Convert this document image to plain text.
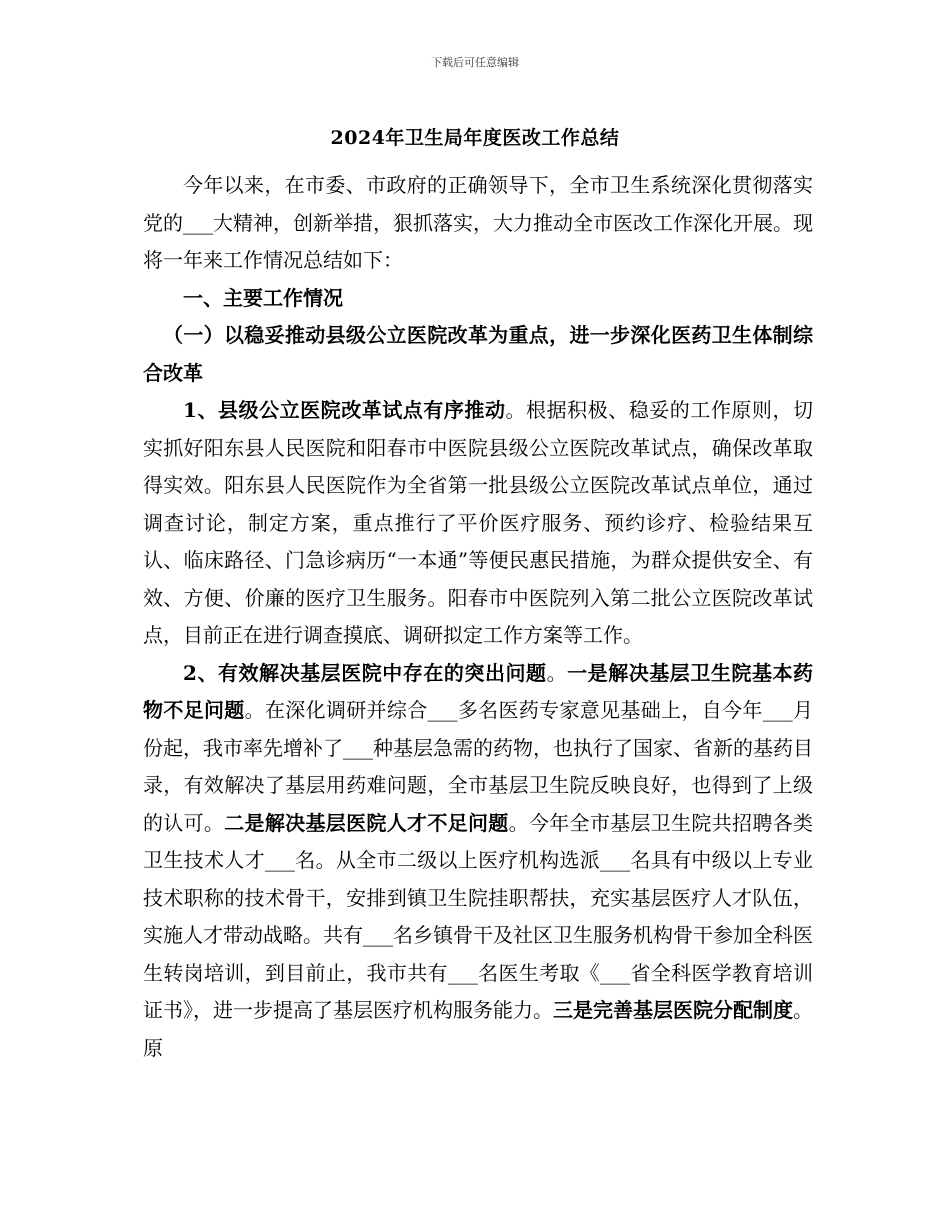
下载后可任意编辑
2024年卫生局年度医改工作总结

今年以来，在市委、市政府的正确领导下，全市卫生系统深化贯彻落实党的___大精神，创新举措，狠抓落实，大力推动全市医改工作深化开展。现将一年来工作情况总结如下：

一、主要工作情况

（一）以稳妥推动县级公立医院改革为重点，进一步深化医药卫生体制综合改革

1、县级公立医院改革试点有序推动。根据积极、稳妥的工作原则，切实抓好阳东县人民医院和阳春市中医院县级公立医院改革试点，确保改革取得实效。阳东县人民医院作为全省第一批县级公立医院改革试点单位，通过调查讨论，制定方案，重点推行了平价医疗服务、预约诊疗、检验结果互认、临床路径、门急诊病历“一本通”等便民惠民措施，为群众提供安全、有效、方便、价廉的医疗卫生服务。阳春市中医院列入第二批公立医院改革试点，目前正在进行调查摸底、调研拟定工作方案等工作。

2、有效解决基层医院中存在的突出问题。一是解决基层卫生院基本药物不足问题。在深化调研并综合___多名医药专家意见基础上，自今年___月份起，我市率先增补了___种基层急需的药物，也执行了国家、省新的基药目录，有效解决了基层用药难问题，全市基层卫生院反映良好，也得到了上级的认可。二是解决基层医院人才不足问题。今年全市基层卫生院共招聘各类卫生技术人才___名。从全市二级以上医疗机构选派___名具有中级以上专业技术职称的技术骨干，安排到镇卫生院挂职帮扶，充实基层医疗人才队伍，实施人才带动战略。共有___名乡镇骨干及社区卫生服务机构骨干参加全科医生转岗培训，到目前止，我市共有___名医生考取《___省全科医学教育培训证书》，进一步提高了基层医疗机构服务能力。三是完善基层医院分配制度。原
